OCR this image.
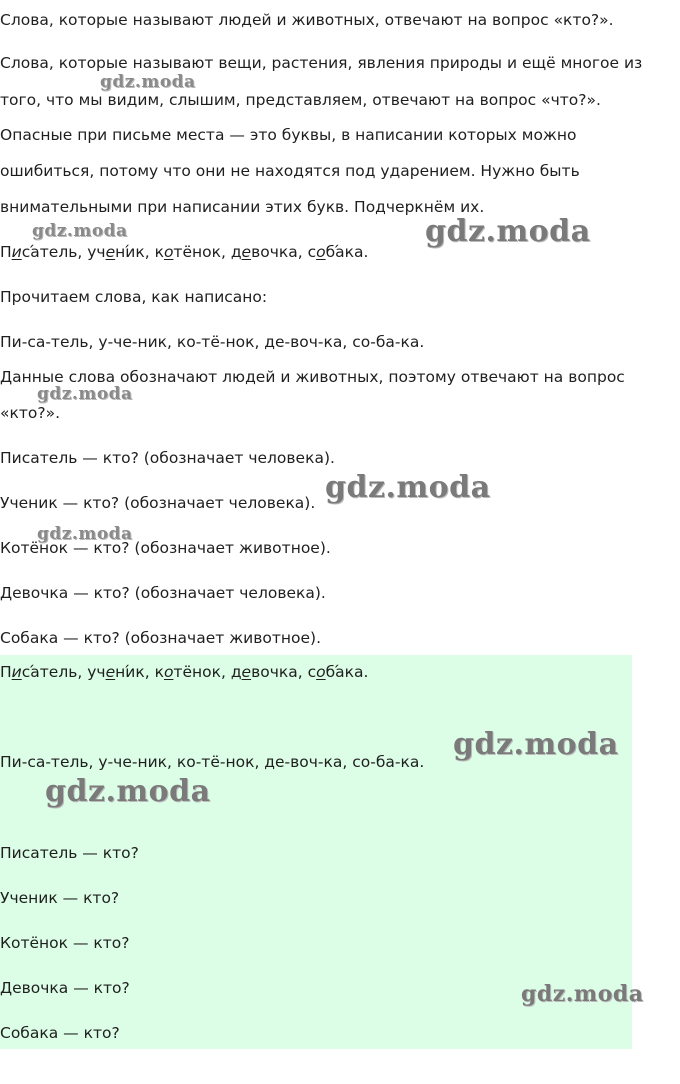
Слова, которые называют людей и животных, отвечают на вопрос «кто?».
Слова, которые называют вещи, растения, явления природы и ещё многое из
того, что мы видим, слышим, представляем, отвечают на вопрос «что?».
Опасные при письме места — это буквы, в написании которых можно
ошибиться, потому что они не находятся под ударением. Нужно быть
внимательными при написании этих букв. Подчеркнём их.
Писа ́тель, учени ́к, котёнок, девочка, соба ́ка.
Прочитаем слова, как написано:
Пи-са-тель, у-че-ник, ко-тё-нок, де-воч-ка, со-ба-ка.
Данные слова обозначают людей и животных, поэтому отвечают на вопрос
«кто?».
Писатель — кто? (обозначает человека).
Ученик — кто? (обозначает человека).
Котёнок — кто? (обозначает животное).
Девочка — кто? (обозначает человека).
Собака — кто? (обозначает животное).
Писа ́тель, учени ́к, котёнок, девочка, соба ́ка.
Пи-са-тель, у-че-ник, ко-тё-нок, де-воч-ка, со-ба-ка.
Писатель — кто?
Ученик — кто?
Котёнок — кто?
Девочка — кто?
Собака — кто?
gdz.moda
gdz.moda	gdz.moda
gdz.moda
gdz.moda
gdz.moda
gdz.moda
gdz.moda
gdz.moda
